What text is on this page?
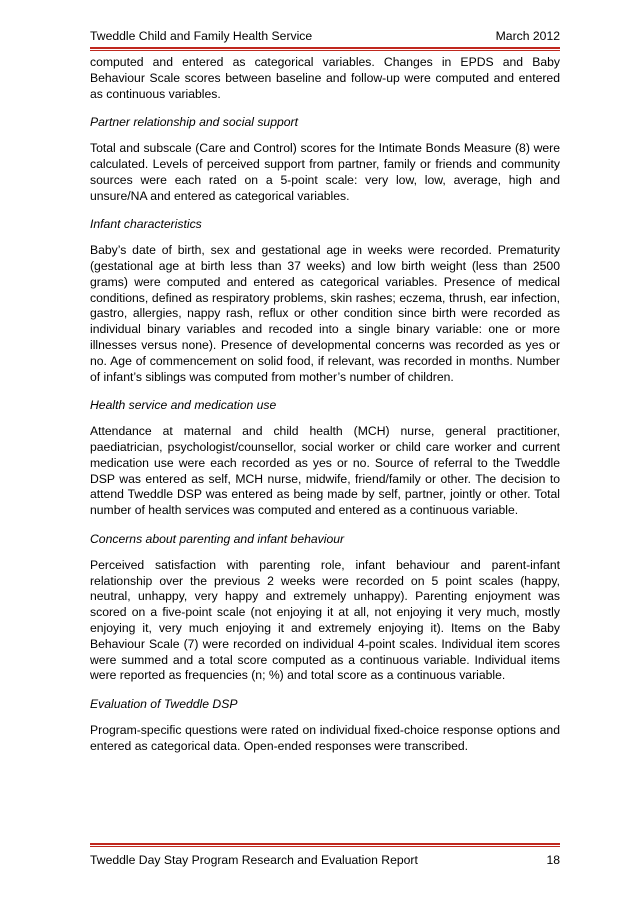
Tweddle Child and Family Health Service	March 2012

computed and entered as categorical variables. Changes in EPDS and Baby Behaviour Scale scores between baseline and follow-up were computed and entered as continuous variables.

Partner relationship and social support

Total and subscale (Care and Control) scores for the Intimate Bonds Measure (8) were calculated. Levels of perceived support from partner, family or friends and community sources were each rated on a 5-point scale: very low, low, average, high and unsure/NA and entered as categorical variables.

Infant characteristics

Baby’s date of birth, sex and gestational age in weeks were recorded. Prematurity (gestational age at birth less than 37 weeks) and low birth weight (less than 2500 grams) were computed and entered as categorical variables. Presence of medical conditions, defined as respiratory problems, skin rashes; eczema, thrush, ear infection, gastro, allergies, nappy rash, reflux or other condition since birth were recorded as individual binary variables and recoded into a single binary variable: one or more illnesses versus none). Presence of developmental concerns was recorded as yes or no. Age of commencement on solid food, if relevant, was recorded in months. Number of infant’s siblings was computed from mother’s number of children.

Health service and medication use

Attendance at maternal and child health (MCH) nurse, general practitioner, paediatrician, psychologist/counsellor, social worker or child care worker and current medication use were each recorded as yes or no. Source of referral to the Tweddle DSP was entered as self, MCH nurse, midwife, friend/family or other. The decision to attend Tweddle DSP was entered as being made by self, partner, jointly or other. Total number of health services was computed and entered as a continuous variable.

Concerns about parenting and infant behaviour

Perceived satisfaction with parenting role, infant behaviour and parent-infant relationship over the previous 2 weeks were recorded on 5 point scales (happy, neutral, unhappy, very happy and extremely unhappy). Parenting enjoyment was scored on a five-point scale (not enjoying it at all, not enjoying it very much, mostly enjoying it, very much enjoying it and extremely enjoying it). Items on the Baby Behaviour Scale (7) were recorded on individual 4-point scales. Individual item scores were summed and a total score computed as a continuous variable. Individual items were reported as frequencies (n; %) and total score as a continuous variable.

Evaluation of Tweddle DSP

Program-specific questions were rated on individual fixed-choice response options and entered as categorical data. Open-ended responses were transcribed.

Tweddle Day Stay Program Research and Evaluation Report	18
